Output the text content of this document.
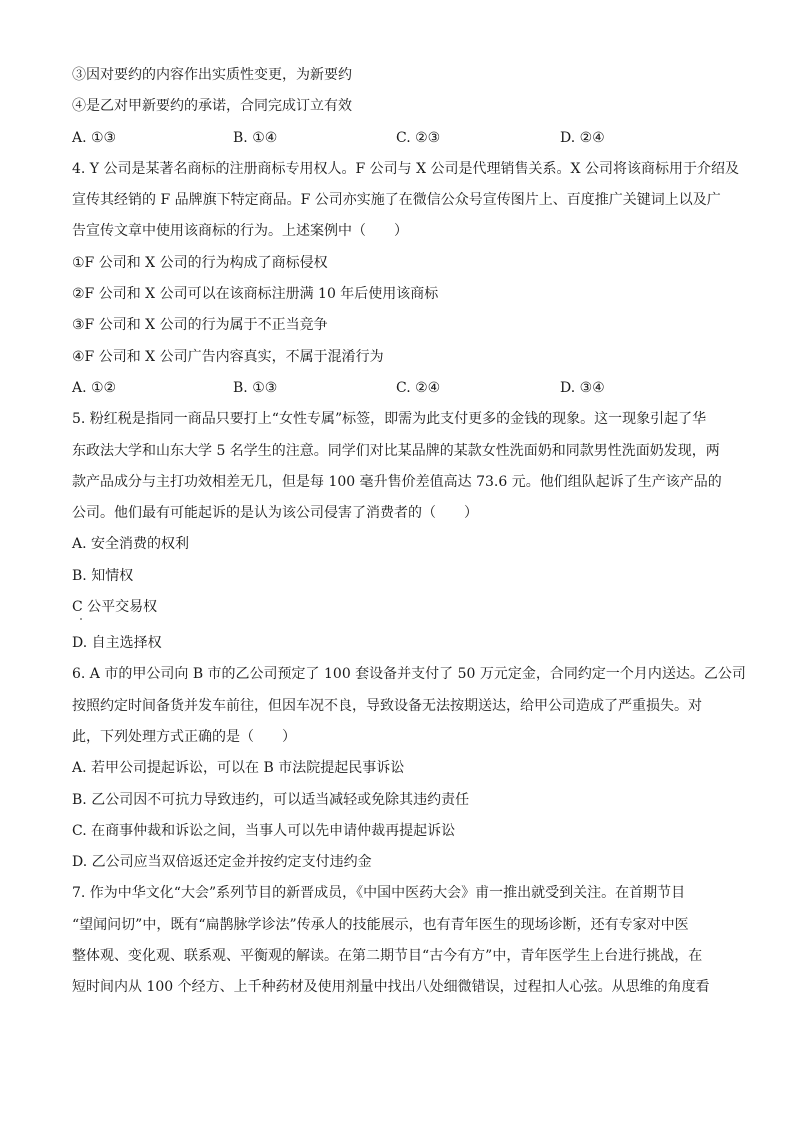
③因对要约的内容作出实质性变更，为新要约

④是乙对甲新要约的承诺，合同完成订立有效

A. ①③	B. ①④	C. ②③	D. ②④

4. Y 公司是某著名商标的注册商标专用权人。F 公司与 X 公司是代理销售关系。X 公司将该商标用于介绍及

宣传其经销的 F 品牌旗下特定商品。F 公司亦实施了在微信公众号宣传图片上、百度推广关键词上以及广

告宣传文章中使用该商标的行为。上述案例中（　　）

①F 公司和 X 公司的行为构成了商标侵权

②F 公司和 X 公司可以在该商标注册满 10 年后使用该商标

③F 公司和 X 公司的行为属于不正当竞争

④F 公司和 X 公司广告内容真实，不属于混淆行为

A. ①②	B. ①③	C. ②④	D. ③④

5. 粉红税是指同一商品只要打上“女性专属”标签，即需为此支付更多的金钱的现象。这一现象引起了华

东政法大学和山东大学 5 名学生的注意。同学们对比某品牌的某款女性洗面奶和同款男性洗面奶发现，两

款产品成分与主打功效相差无几，但是每 100 毫升售价差值高达 73.6 元。他们组队起诉了生产该产品的

公司。他们最有可能起诉的是认为该公司侵害了消费者的（　　）

A. 安全消费的权利

B. 知情权

C 公平交易权

D. 自主选择权

6. A 市的甲公司向 B 市的乙公司预定了 100 套设备并支付了 50 万元定金，合同约定一个月内送达。乙公司

按照约定时间备货并发车前往，但因车况不良，导致设备无法按期送达，给甲公司造成了严重损失。对

此，下列处理方式正确的是（　　）

A. 若甲公司提起诉讼，可以在 B 市法院提起民事诉讼

B. 乙公司因不可抗力导致违约，可以适当减轻或免除其违约责任

C. 在商事仲裁和诉讼之间，当事人可以先申请仲裁再提起诉讼

D. 乙公司应当双倍返还定金并按约定支付违约金

7. 作为中华文化“大会”系列节目的新晋成员，《中国中医药大会》甫一推出就受到关注。在首期节目

“望闻问切”中，既有“扁鹊脉学诊法”传承人的技能展示，也有青年医生的现场诊断，还有专家对中医

整体观、变化观、联系观、平衡观的解读。在第二期节目“古今有方”中，青年医学生上台进行挑战，在

短时间内从 100 个经方、上千种药材及使用剂量中找出八处细微错误，过程扣人心弦。从思维的角度看
